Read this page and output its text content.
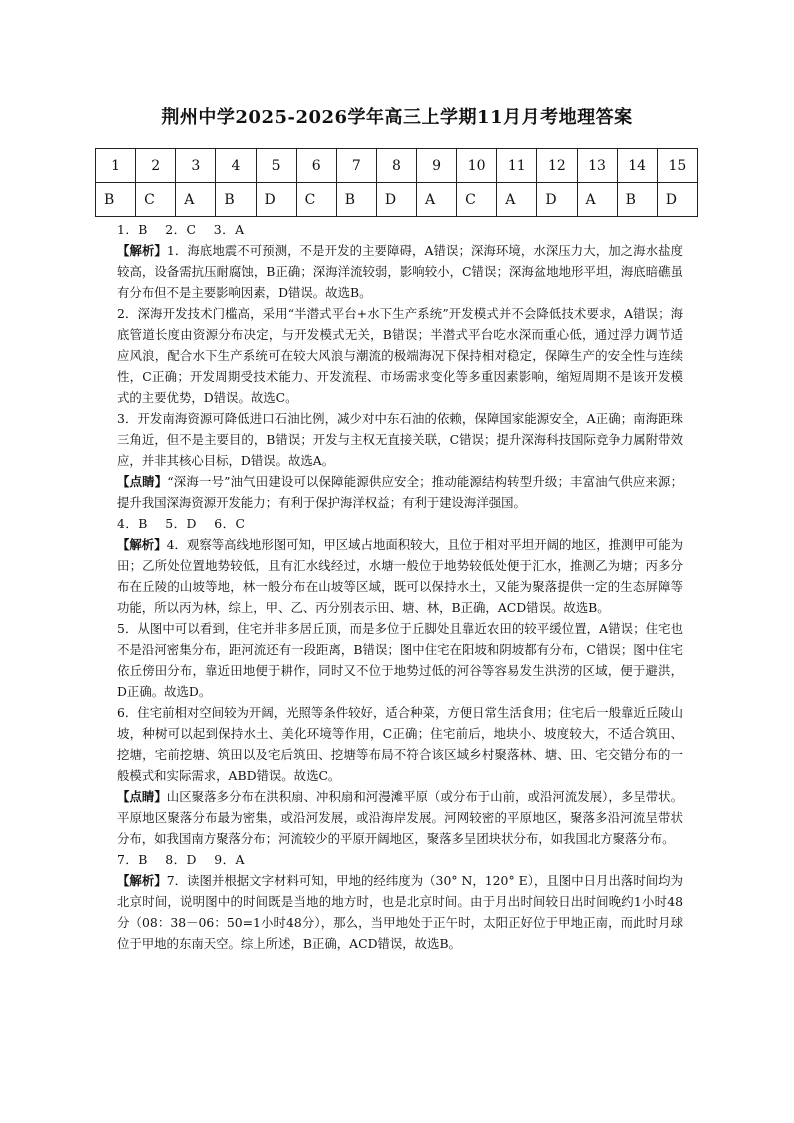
荆州中学2025-2026学年高三上学期11月月考地理答案
1	2	3	4	5	6	7	8	9	10	11	12	13	14	15
B	C	A	B	D	C	B	D	A	C	A	D	A	B	D

1．B　 2．C　 3．A

【解析】1．海底地震不可预测，不是开发的主要障碍，A错误；深海环境，水深压力大，加之海水盐度较高，设备需抗压耐腐蚀，B正确；深海洋流较弱，影响较小，C错误；深海盆地地形平坦，海底暗礁虽有分布但不是主要影响因素，D错误。故选B。

2．深海开发技术门槛高，采用“半潜式平台+水下生产系统”开发模式并不会降低技术要求，A错误；海底管道长度由资源分布决定，与开发模式无关，B错误；半潜式平台吃水深而重心低，通过浮力调节适应风浪，配合水下生产系统可在较大风浪与潮流的极端海况下保持相对稳定，保障生产的安全性与连续性，C正确；开发周期受技术能力、开发流程、市场需求变化等多重因素影响，缩短周期不是该开发模式的主要优势，D错误。故选C。

3．开发南海资源可降低进口石油比例，减少对中东石油的依赖，保障国家能源安全，A正确；南海距珠三角近，但不是主要目的，B错误；开发与主权无直接关联，C错误；提升深海科技国际竞争力属附带效应，并非其核心目标，D错误。故选A。

【点睛】“深海一号”油气田建设可以保障能源供应安全；推动能源结构转型升级；丰富油气供应来源；提升我国深海资源开发能力；有利于保护海洋权益；有利于建设海洋强国。

4．B　 5．D　 6．C

【解析】4．观察等高线地形图可知，甲区域占地面积较大，且位于相对平坦开阔的地区，推测甲可能为田；乙所处位置地势较低，且有汇水线经过，水塘一般位于地势较低处便于汇水，推测乙为塘；丙多分布在丘陵的山坡等地，林一般分布在山坡等区域，既可以保持水土，又能为聚落提供一定的生态屏障等功能，所以丙为林，综上，甲、乙、丙分别表示田、塘、林，B正确，ACD错误。故选B。

5．从图中可以看到，住宅并非多居丘顶，而是多位于丘脚处且靠近农田的较平缓位置，A错误；住宅也不是沿河密集分布，距河流还有一段距离，B错误；图中住宅在阳坡和阴坡都有分布，C错误；图中住宅依丘傍田分布，靠近田地便于耕作，同时又不位于地势过低的河谷等容易发生洪涝的区域，便于避洪，D正确。故选D。

6．住宅前相对空间较为开阔，光照等条件较好，适合种菜，方便日常生活食用；住宅后一般靠近丘陵山坡，种树可以起到保持水土、美化环境等作用，C正确；住宅前后，地块小、坡度较大，不适合筑田、挖塘，宅前挖塘、筑田以及宅后筑田、挖塘等布局不符合该区域乡村聚落林、塘、田、宅交错分布的一般模式和实际需求，ABD错误。故选C。

【点睛】山区聚落多分布在洪积扇、冲积扇和河漫滩平原（或分布于山前，或沿河流发展），多呈带状。平原地区聚落分布最为密集，或沿河发展，或沿海岸发展。河网较密的平原地区，聚落多沿河流呈带状分布，如我国南方聚落分布；河流较少的平原开阔地区，聚落多呈团块状分布，如我国北方聚落分布。

7．B　 8．D　 9．A

【解析】7．读图并根据文字材料可知，甲地的经纬度为（30° N，120° E），且图中日月出落时间均为北京时间，说明图中的时间既是当地的地方时，也是北京时间。由于月出时间较日出时间晚约1小时48分（08：38－06：50=1小时48分），那么，当甲地处于正午时，太阳正好位于甲地正南，而此时月球位于甲地的东南天空。综上所述，B正确，ACD错误，故选B。
